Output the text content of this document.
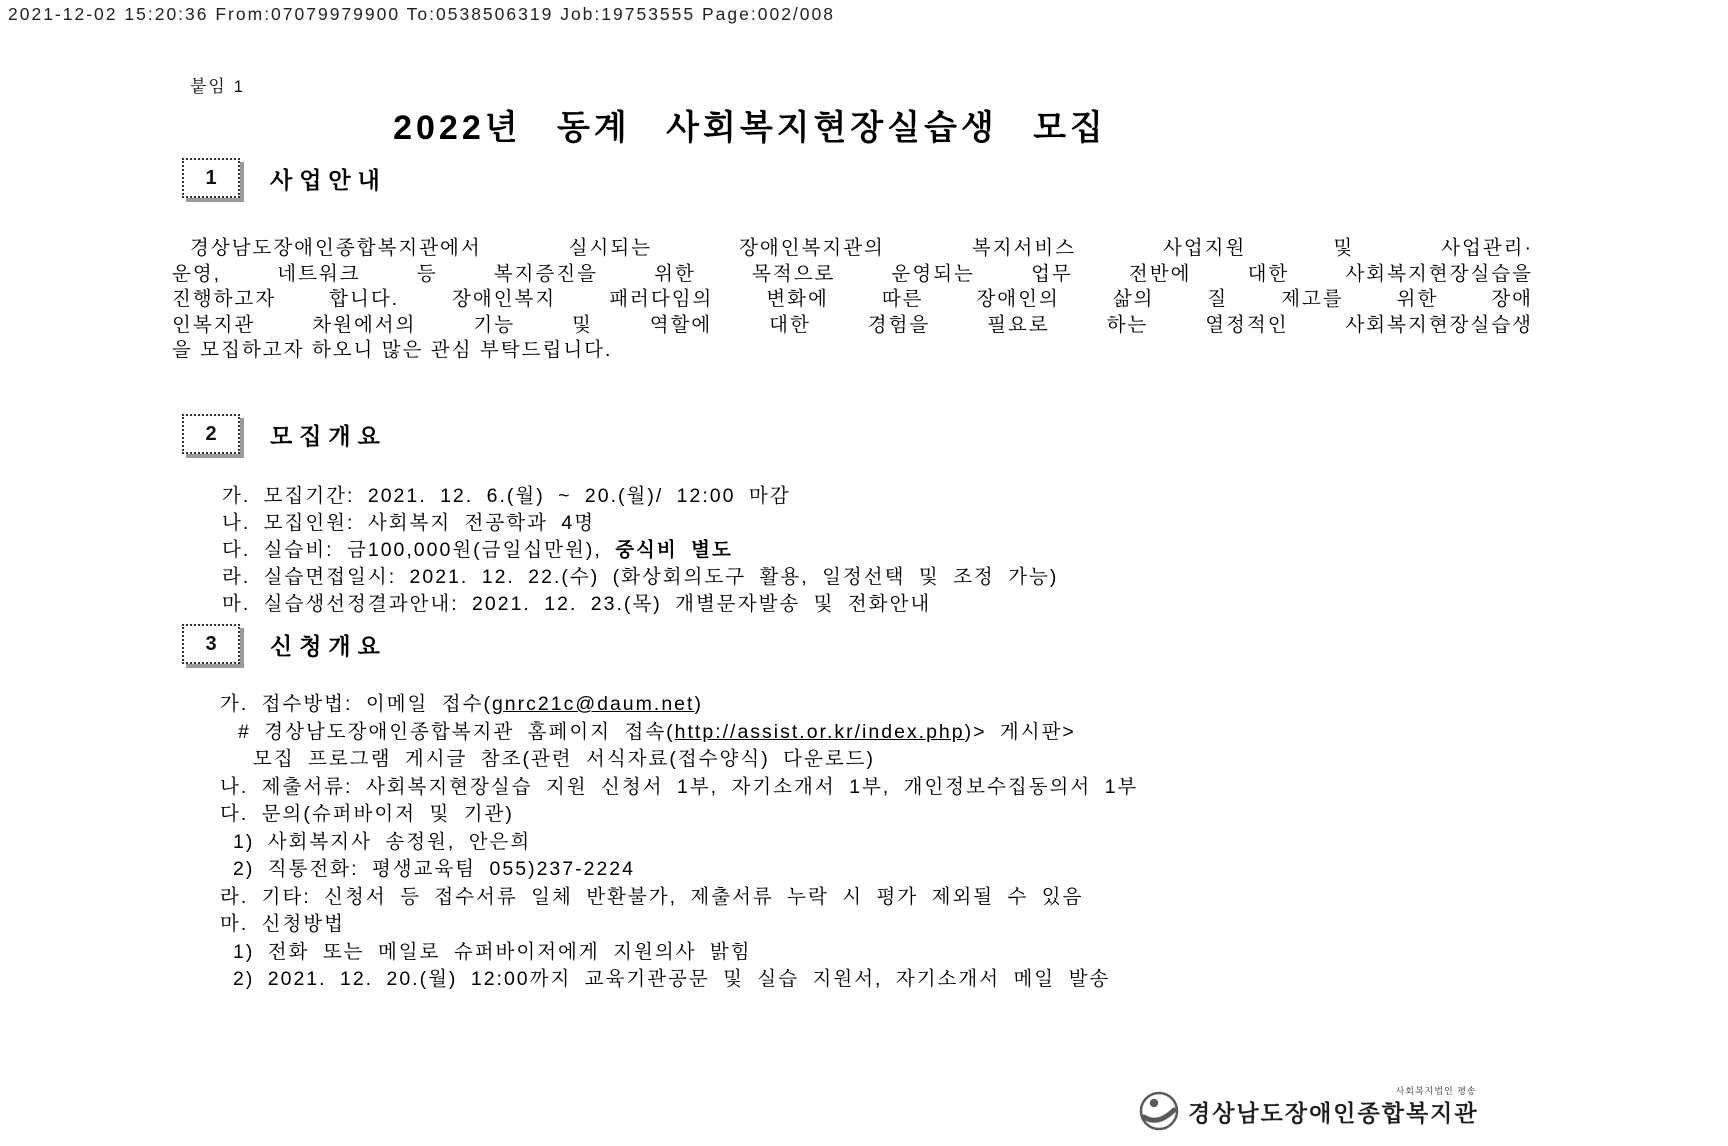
2021-12-02 15:20:36 From:07079979900 To:0538506319 Job:19753555 Page:002/008
붙임 1
2022년 동계 사회복지현장실습생 모집
1	사업안내
경상남도장애인종합복지관에서 실시되는 장애인복지관의 복지서비스 사업지원 및 사업관리·
운영, 네트워크 등 복지증진을 위한 목적으로 운영되는 업무 전반에 대한 사회복지현장실습을
진행하고자 합니다. 장애인복지 패러다임의 변화에 따른 장애인의 삶의 질 제고를 위한 장애
인복지관 차원에서의 기능 및 역할에 대한 경험을 필요로 하는 열정적인 사회복지현장실습생
을 모집하고자 하오니 많은 관심 부탁드립니다.
2	모집개요
가. 모집기간: 2021. 12. 6.(월) ~ 20.(월)/ 12:00 마감
나. 모집인원: 사회복지 전공학과 4명
다. 실습비: 금100,000원(금일십만원), 중식비 별도
라. 실습면접일시: 2021. 12. 22.(수) (화상회의도구 활용, 일정선택 및 조정 가능)
마. 실습생선정결과안내: 2021. 12. 23.(목) 개별문자발송 및 전화안내
3	신청개요
가. 접수방법: 이메일 접수(gnrc21c@daum.net)
# 경상남도장애인종합복지관 홈페이지 접속(http://assist.or.kr/index.php)> 게시판>
모집 프로그램 게시글 참조(관련 서식자료(접수양식) 다운로드)
나. 제출서류: 사회복지현장실습 지원 신청서 1부, 자기소개서 1부, 개인정보수집동의서 1부
다. 문의(슈퍼바이저 및 기관)
1) 사회복지사 송정원, 안은희
2) 직통전화: 평생교육팀 055)237-2224
라. 기타: 신청서 등 접수서류 일체 반환불가, 제출서류 누락 시 평가 제외될 수 있음
마. 신청방법
1) 전화 또는 메일로 슈퍼바이저에게 지원의사 밝힘
2) 2021. 12. 20.(월) 12:00까지 교육기관공문 및 실습 지원서, 자기소개서 메일 발송
사회복지법인 평송
경상남도장애인종합복지관
